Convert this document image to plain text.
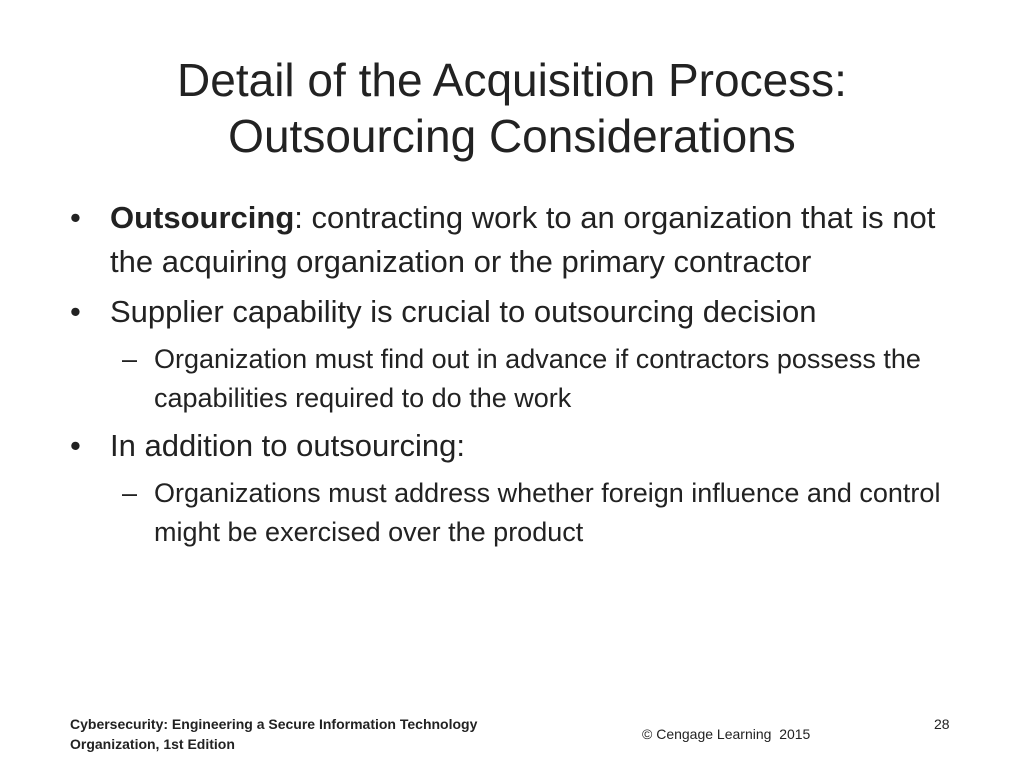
Detail of the Acquisition Process:
Outsourcing Considerations
• Outsourcing: contracting work to an organization that is not the acquiring organization or the primary contractor
• Supplier capability is crucial to outsourcing decision
– Organization must find out in advance if contractors possess the capabilities required to do the work
• In addition to outsourcing:
– Organizations must address whether foreign influence and control might be exercised over the product
Cybersecurity: Engineering a Secure Information Technology
Organization, 1st Edition
© Cengage Learning  2015
28
